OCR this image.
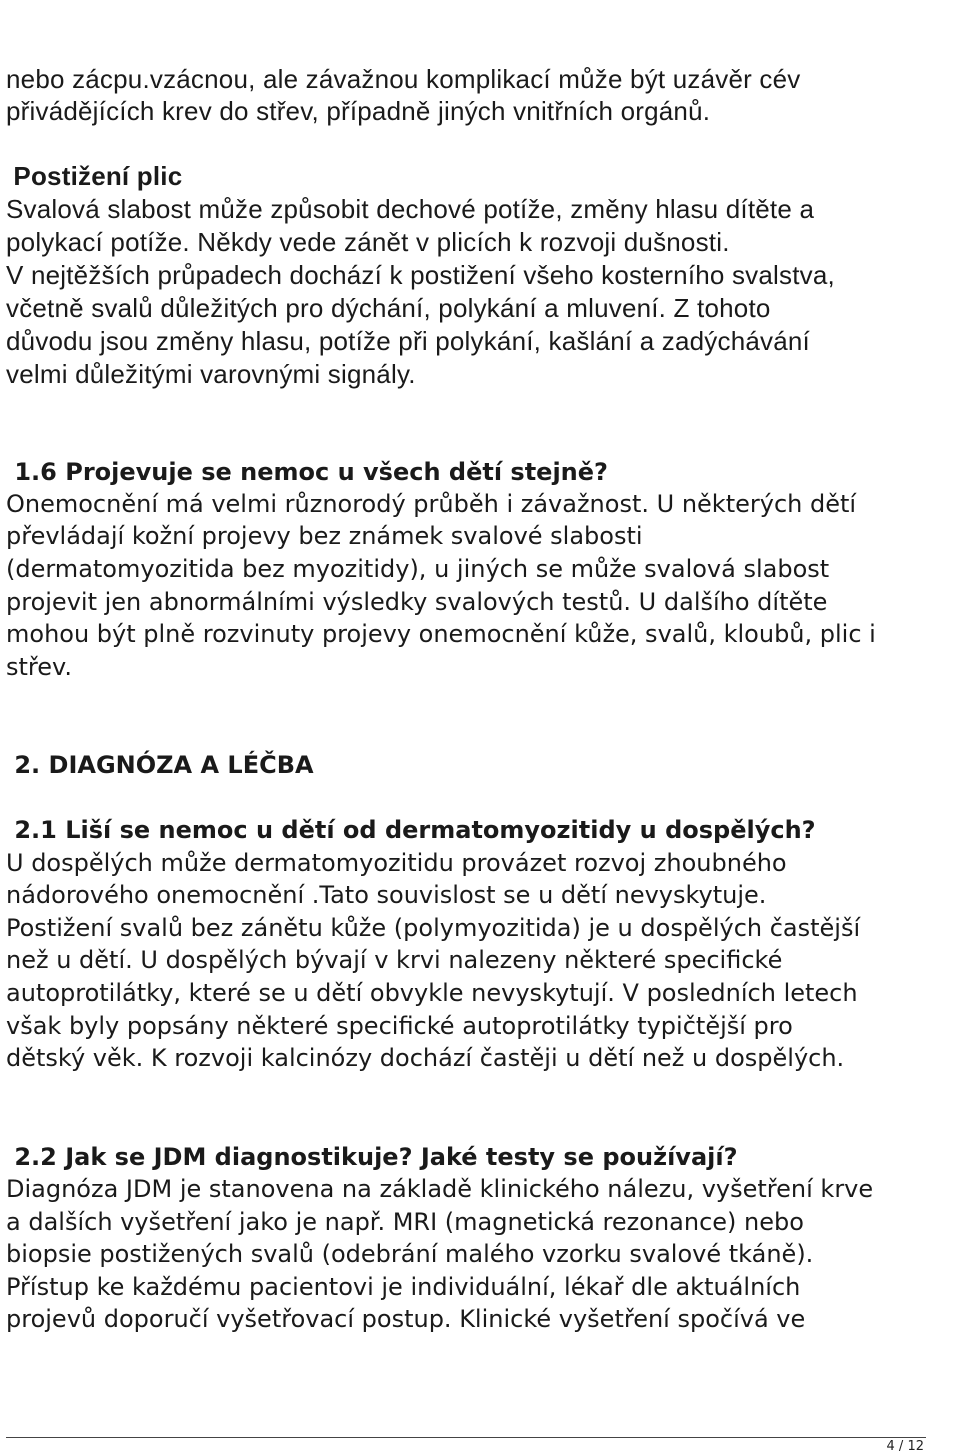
nebo zácpu.vzácnou, ale závažnou komplikací může být uzávěr cév
přivádějících krev do střev, případně jiných vnitřních orgánů.
Postižení plic
Svalová slabost může způsobit dechové potíže, změny hlasu dítěte a
polykací potíže. Někdy vede zánět v plicích k rozvoji dušnosti.
V nejtěžších průpadech dochází k postižení všeho kosterního svalstva,
včetně svalů důležitých pro dýchání, polykání a mluvení. Z tohoto
důvodu jsou změny hlasu, potíže při polykání, kašlání a zadýchávání
velmi důležitými varovnými signály.
1.6 Projevuje se nemoc u všech dětí stejně?
Onemocnění má velmi různorodý průběh i závažnost. U některých dětí
převládají kožní projevy bez známek svalové slabosti
(dermatomyozitida bez myozitidy), u jiných se může svalová slabost
projevit jen abnormálními výsledky svalových testů. U dalšího dítěte
mohou být plně rozvinuty projevy onemocnění kůže, svalů, kloubů, plic i
střev.
2. DIAGNÓZA A LÉČBA
2.1 Liší se nemoc u dětí od dermatomyozitidy u dospělých?
U dospělých může dermatomyozitidu provázet rozvoj zhoubného
nádorového onemocnění .Tato souvislost se u dětí nevyskytuje.
Postižení svalů bez zánětu kůže (polymyozitida) je u dospělých častější
než u dětí. U dospělých bývají v krvi nalezeny některé specifické
autoprotilátky, které se u dětí obvykle nevyskytují. V posledních letech
však byly popsány některé specifické autoprotilátky typičtější pro
dětský věk. K rozvoji kalcinózy dochází častěji u dětí než u dospělých.
2.2 Jak se JDM diagnostikuje? Jaké testy se používají?
Diagnóza JDM je stanovena na základě klinického nálezu, vyšetření krve
a dalších vyšetření jako je např. MRI (magnetická rezonance) nebo
biopsie postižených svalů (odebrání malého vzorku svalové tkáně).
Přístup ke každému pacientovi je individuální, lékař dle aktuálních
projevů doporučí vyšetřovací postup. Klinické vyšetření spočívá ve
4 / 12
